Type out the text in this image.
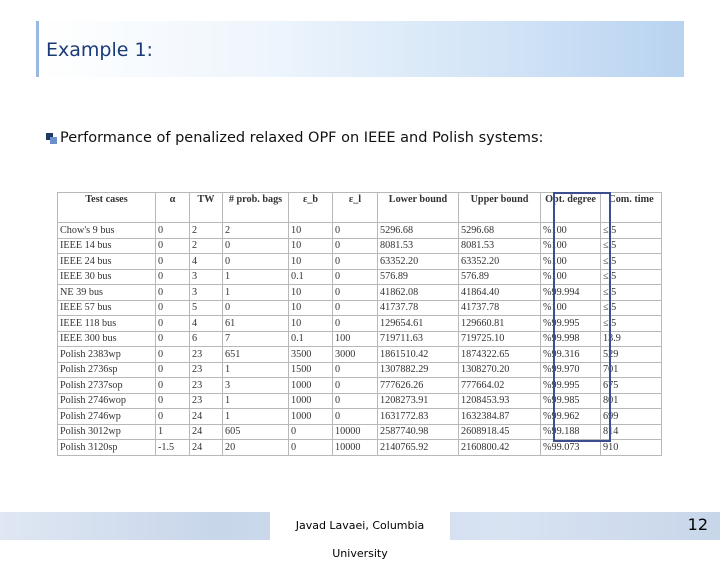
Example 1:
Performance of penalized relaxed OPF on IEEE and Polish systems:
Test cases	α	TW	# prob. bags	ε_b	ε_l	Lower bound	Upper bound	Opt. degree	Com. time
Chow's 9 bus	0	2	2	10	0	5296.68	5296.68	%100	≤ 5
IEEE 14 bus	0	2	0	10	0	8081.53	8081.53	%100	≤ 5
IEEE 24 bus	0	4	0	10	0	63352.20	63352.20	%100	≤ 5
IEEE 30 bus	0	3	1	0.1	0	576.89	576.89	%100	≤ 5
NE 39 bus	0	3	1	10	0	41862.08	41864.40	%99.994	≤ 5
IEEE 57 bus	0	5	0	10	0	41737.78	41737.78	%100	≤ 5
IEEE 118 bus	0	4	61	10	0	129654.61	129660.81	%99.995	≤ 5
IEEE 300 bus	0	6	7	0.1	100	719711.63	719725.10	%99.998	13.9
Polish 2383wp	0	23	651	3500	3000	1861510.42	1874322.65	%99.316	529
Polish 2736sp	0	23	1	1500	0	1307882.29	1308270.20	%99.970	701
Polish 2737sop	0	23	3	1000	0	777626.26	777664.02	%99.995	675
Polish 2746wop	0	23	1	1000	0	1208273.91	1208453.93	%99.985	801
Polish 2746wp	0	24	1	1000	0	1631772.83	1632384.87	%99.962	699
Polish 3012wp	1	24	605	0	10000	2587740.98	2608918.45	%99.188	814
Polish 3120sp	-1.5	24	20	0	10000	2140765.92	2160800.42	%99.073	910
Javad Lavaei, Columbia University
12
